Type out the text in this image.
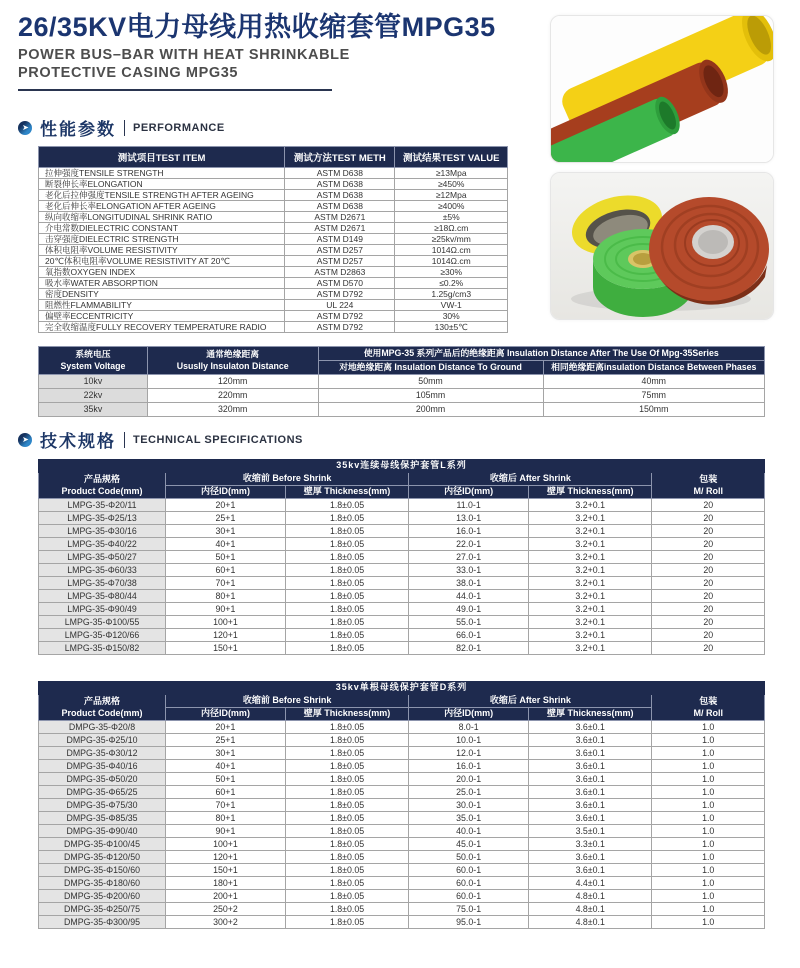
26/35KV电力母线用热收缩套管MPG35
POWER BUS–BAR WITH HEAT SHRINKABLE
PROTECTIVE CASING MPG35
➤ 性能参数 PERFORMANCE
测试项目TEST ITEM	测试方法TEST METH	测试结果TEST VALUE
拉伸强度TENSILE STRENGTH	ASTM D638	≥13Mpa
断裂伸长率ELONGATION	ASTM D638	≥450%
老化后拉伸强度TENSILE STRENGTH AFTER AGEING	ASTM D638	≥12Mpa
老化后伸长率ELONGATION AFTER AGEING	ASTM D638	≥400%
纵向收缩率LONGITUDINAL SHRINK RATIO	ASTM D2671	±5%
介电常数DIELECTRIC CONSTANT	ASTM D2671	≥18Ω.cm
击穿强度DIELECTRIC STRENGTH	ASTM D149	≥25kv/mm
体积电阻率VOLUME RESISTIVITY	ASTM D257	1014Ω.cm
20℃体积电阻率VOLUME RESISTIVITY AT 20℃	ASTM D257	1014Ω.cm
氧指数OXYGEN INDEX	ASTM D2863	≥30%
吸水率WATER ABSORPTION	ASTM D570	≤0.2%
密度DENSITY	ASTM D792	1.25g/cm3
阻燃性FLAMMABILITY	UL 224	VW-1
偏壁率ECCENTRICITY	ASTM D792	30%
完全收缩温度FULLY RECOVERY TEMPERATURE RADIO	ASTM D792	130±5℃
系统电压
System Voltage

通常绝缘距离
Ususlly Insulaton Distance
	使用MPG-35 系列产品后的绝缘距离 Insulation Distance After The Use Of Mpg-35Series
		对地绝缘距离 Insulation Distance To Ground	相同绝缘距离insulation Distance Between Phases
10kv	120mm	50mm	40mm
22kv	220mm	105mm	75mm
35kv	320mm	200mm	150mm
➤ 技术规格 TECHNICAL SPECIFICATIONS
35kv连续母线保护套管L系列					

产品规格
Product Code(mm)
	收缩前 Before Shrink	收缩后 After Shrink	包装
M/ Roll

	内径ID(mm)	壁厚 Thickness(mm)	内径ID(mm)	壁厚 Thickness(mm)	
LMPG-35-Φ20/11	20+1	1.8±0.05	11.0-1	3.2+0.1	20
LMPG-35-Φ25/13	25+1	1.8±0.05	13.0-1	3.2+0.1	20
LMPG-35-Φ30/16	30+1	1.8±0.05	16.0-1	3.2+0.1	20
LMPG-35-Φ40/22	40+1	1.8±0.05	22.0-1	3.2+0.1	20
LMPG-35-Φ50/27	50+1	1.8±0.05	27.0-1	3.2+0.1	20
LMPG-35-Φ60/33	60+1	1.8±0.05	33.0-1	3.2+0.1	20
LMPG-35-Φ70/38	70+1	1.8±0.05	38.0-1	3.2+0.1	20
LMPG-35-Φ80/44	80+1	1.8±0.05	44.0-1	3.2+0.1	20
LMPG-35-Φ90/49	90+1	1.8±0.05	49.0-1	3.2+0.1	20
LMPG-35-Φ100/55	100+1	1.8±0.05	55.0-1	3.2+0.1	20
LMPG-35-Φ120/66	120+1	1.8±0.05	66.0-1	3.2+0.1	20
LMPG-35-Φ150/82	150+1	1.8±0.05	82.0-1	3.2+0.1	20
35kv单根母线保护套管D系列					

产品规格
Product Code(mm)
	收缩前 Before Shrink	收缩后 After Shrink	包装
M/ Roll

	内径ID(mm)	壁厚 Thickness(mm)	内径ID(mm)	壁厚 Thickness(mm)	
DMPG-35-Φ20/8	20+1	1.8±0.05	8.0-1	3.6±0.1	1.0
DMPG-35-Φ25/10	25+1	1.8±0.05	10.0-1	3.6±0.1	1.0
DMPG-35-Φ30/12	30+1	1.8±0.05	12.0-1	3.6±0.1	1.0
DMPG-35-Φ40/16	40+1	1.8±0.05	16.0-1	3.6±0.1	1.0
DMPG-35-Φ50/20	50+1	1.8±0.05	20.0-1	3.6±0.1	1.0
DMPG-35-Φ65/25	60+1	1.8±0.05	25.0-1	3.6±0.1	1.0
DMPG-35-Φ75/30	70+1	1.8±0.05	30.0-1	3.6±0.1	1.0
DMPG-35-Φ85/35	80+1	1.8±0.05	35.0-1	3.6±0.1	1.0
DMPG-35-Φ90/40	90+1	1.8±0.05	40.0-1	3.5±0.1	1.0
DMPG-35-Φ100/45	100+1	1.8±0.05	45.0-1	3.3±0.1	1.0
DMPG-35-Φ120/50	120+1	1.8±0.05	50.0-1	3.6±0.1	1.0
DMPG-35-Φ150/60	150+1	1.8±0.05	60.0-1	3.6±0.1	1.0
DMPG-35-Φ180/60	180+1	1.8±0.05	60.0-1	4.4±0.1	1.0
DMPG-35-Φ200/60	200+1	1.8±0.05	60.0-1	4.8±0.1	1.0
DMPG-35-Φ250/75	250+2	1.8±0.05	75.0-1	4.8±0.1	1.0
DMPG-35-Φ300/95	300+2	1.8±0.05	95.0-1	4.8±0.1	1.0
